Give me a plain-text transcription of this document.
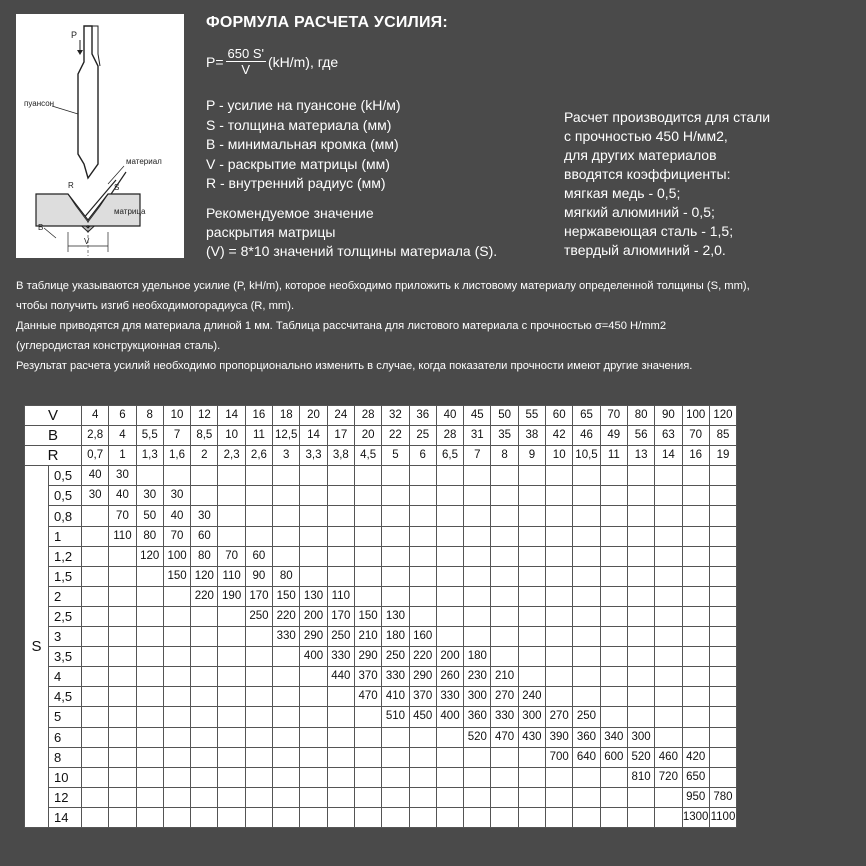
P
пуансон
материал
матрица
S
R
B
V
ФОРМУЛА РАСЧЕТА УСИЛИЯ:
$P= \frac{650 S'}{V} (kH/m)$, где
P - усилие на пуансоне (kH/м)
S - толщина материала (мм)
B - минимальная кромка (мм)
V - раскрытие матрицы (мм)
R - внутренний радиус (мм)
Рекомендуемое значение
раскрытия матрицы
(V) = 8*10 значений толщины материала (S).
Расчет производится для стали
с прочностью 450 Н/мм2,
для других материалов
вводятся коэффициенты:
мягкая медь - 0,5;
мягкий алюминий - 0,5;
нержавеющая сталь - 1,5;
твердый алюминий - 2,0.
В таблице указываются удельное усилие (P, kH/m), которое необходимо приложить к листовому материалу определенной толщины (S, mm),
чтобы получить изгиб необходимогорадиуса (R, mm).
Данные приводятся для материала длиной 1 мм. Таблица рассчитана для листового материала с прочностью σ=450 Н/mm2
(углеродистая конструкционная сталь).
Результат расчета усилий необходимо пропорционально изменить в случае, когда показатели прочности имеют другие значения.
V		4	6	8	10	12	14	16	18	20	24	28	32	36	40	45	50	55	60	65	70	80	90	100	120
B		2,8	4	5,5	7	8,5	10	11	12,5	14	17	20	22	25	28	31	35	38	42	46	49	56	63	70	85
R		0,7	1	1,3	1,6	2	2,3	2,6	3	3,3	3,8	4,5	5	6	6,5	7	8	9	10	10,5	11	13	14	16	19
S	0,5	40	30																						
	0,5	30	40	30	30																				
	0,8		70	50	40	30																			
	1		110	80	70	60																			
	1,2			120	100	80	70	60																	
	1,5				150	120	110	90	80																
	2					220	190	170	150	130	110														
	2,5							250	220	200	170	150	130												
	3								330	290	250	210	180	160											
	3,5									400	330	290	250	220	200	180									
	4										440	370	330	290	260	230	210								
	4,5											470	410	370	330	300	270	240							
	5												510	450	400	360	330	300	270	250					
	6															520	470	430	390	360	340	300			
	8																		700	640	600	520	460	420	
	10																					810	720	650	
	12																							950	780
	14																							1300	1100
